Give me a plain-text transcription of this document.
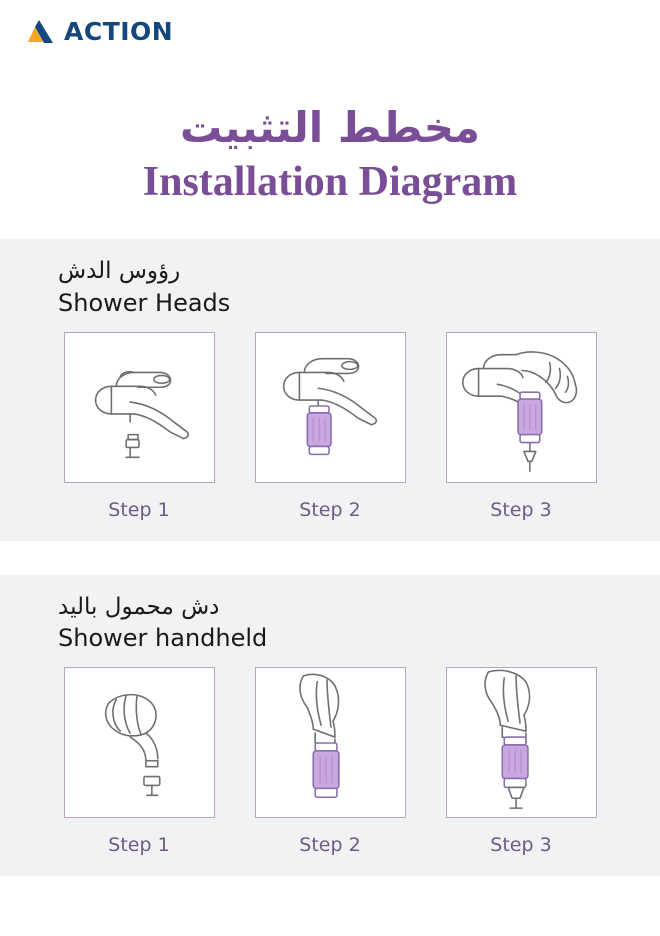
ACTION
مخطط التثبيت
Installation Diagram
رؤوس الدش
Shower Heads
Step 1	Step 2	Step 3
دش محمول باليد
Shower handheld
Step 1	Step 2	Step 3
